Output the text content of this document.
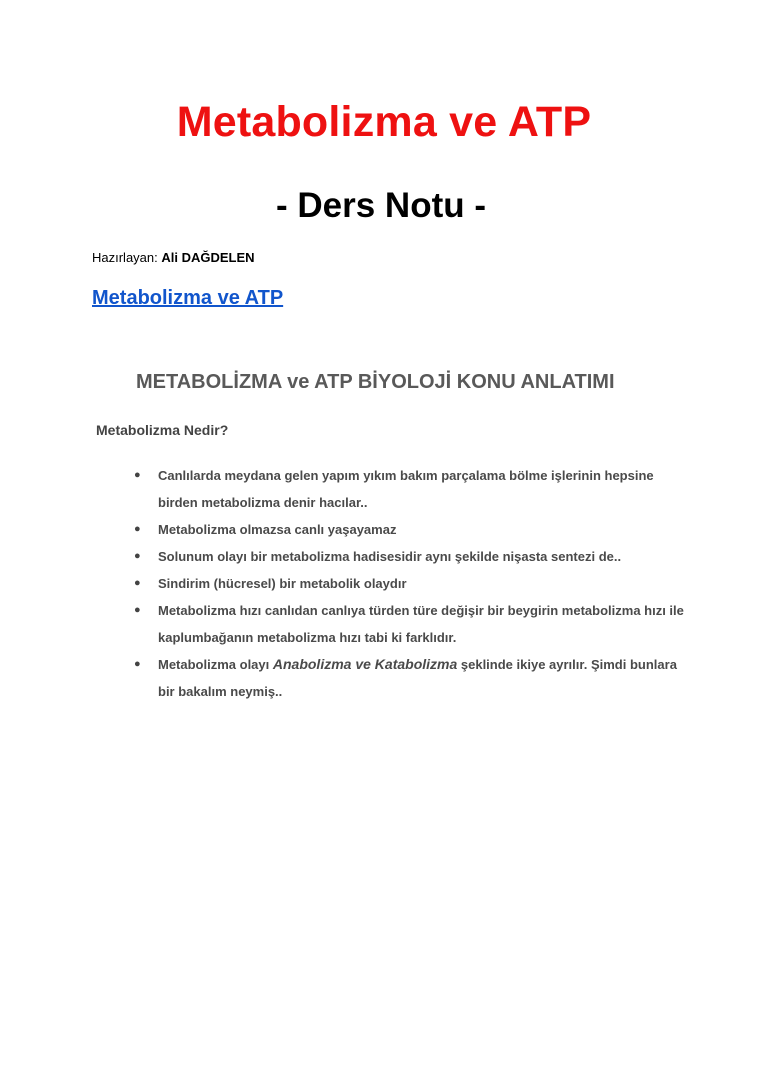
Metabolizma ve ATP
- Ders Notu -
Hazırlayan: Ali DAĞDELEN
Metabolizma ve ATP
METABOLİZMA ve ATP BİYOLOJİ KONU ANLATIMI
Metabolizma Nedir?
● Canlılarda meydana gelen yapım yıkım bakım parçalama bölme işlerinin hepsine birden metabolizma denir hacılar..
● Metabolizma olmazsa canlı yaşayamaz
● Solunum olayı bir metabolizma hadisesidir aynı şekilde nişasta sentezi de..
● Sindirim (hücresel) bir metabolik olaydır
● Metabolizma hızı canlıdan canlıya türden türe değişir bir beygirin metabolizma hızı ile kaplumbağanın metabolizma hızı tabi ki farklıdır.
● Metabolizma olayı Anabolizma ve Katabolizma şeklinde ikiye ayrılır. Şimdi bunlara bir bakalım neymiş..
